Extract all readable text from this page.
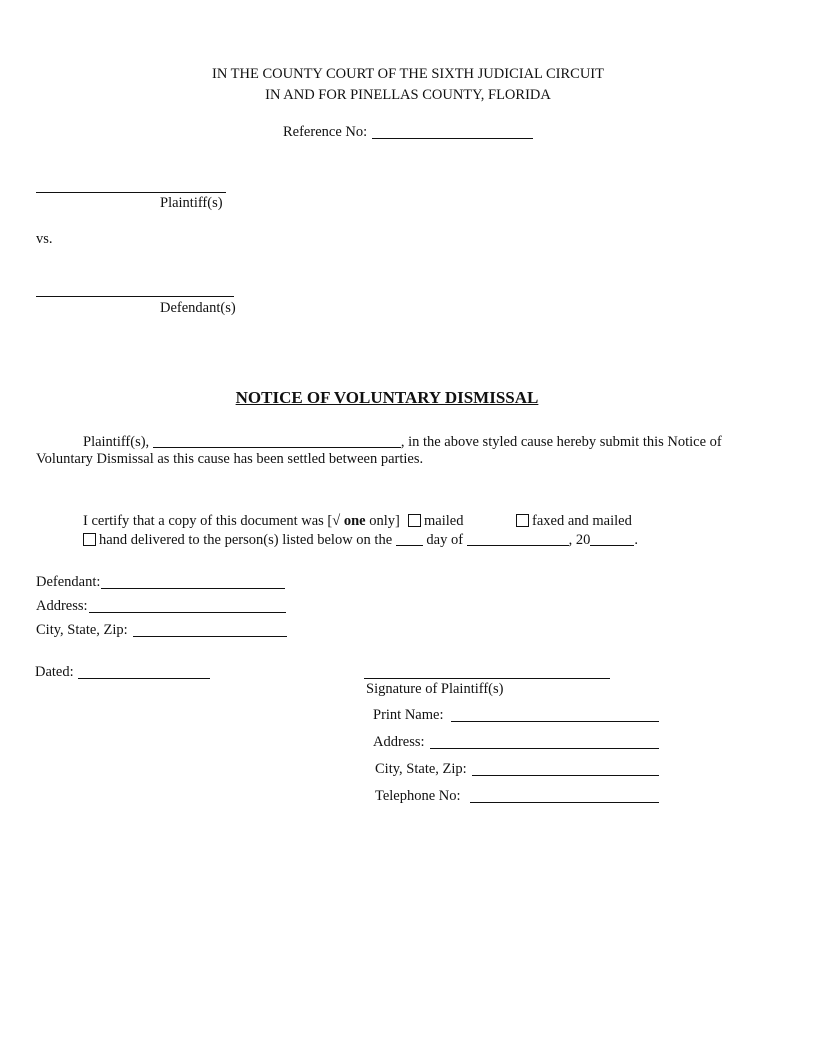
IN THE COUNTY COURT OF THE SIXTH JUDICIAL CIRCUIT
IN AND FOR PINELLAS COUNTY, FLORIDA
Reference No:
Plaintiff(s)
vs.
Defendant(s)
NOTICE OF VOLUNTARY DISMISSAL
Plaintiff(s),	, in the above styled cause hereby submit this Notice of
Voluntary Dismissal as this cause has been settled between parties.
I certify that a copy of this document was [√ one only]	mailed	faxed and mailed
hand delivered to the person(s) listed below on the day of	, 20	.
Defendant:
Address:
City, State, Zip:
Dated:
Signature of Plaintiff(s)
Print Name:
Address:
City, State, Zip:
Telephone No:
